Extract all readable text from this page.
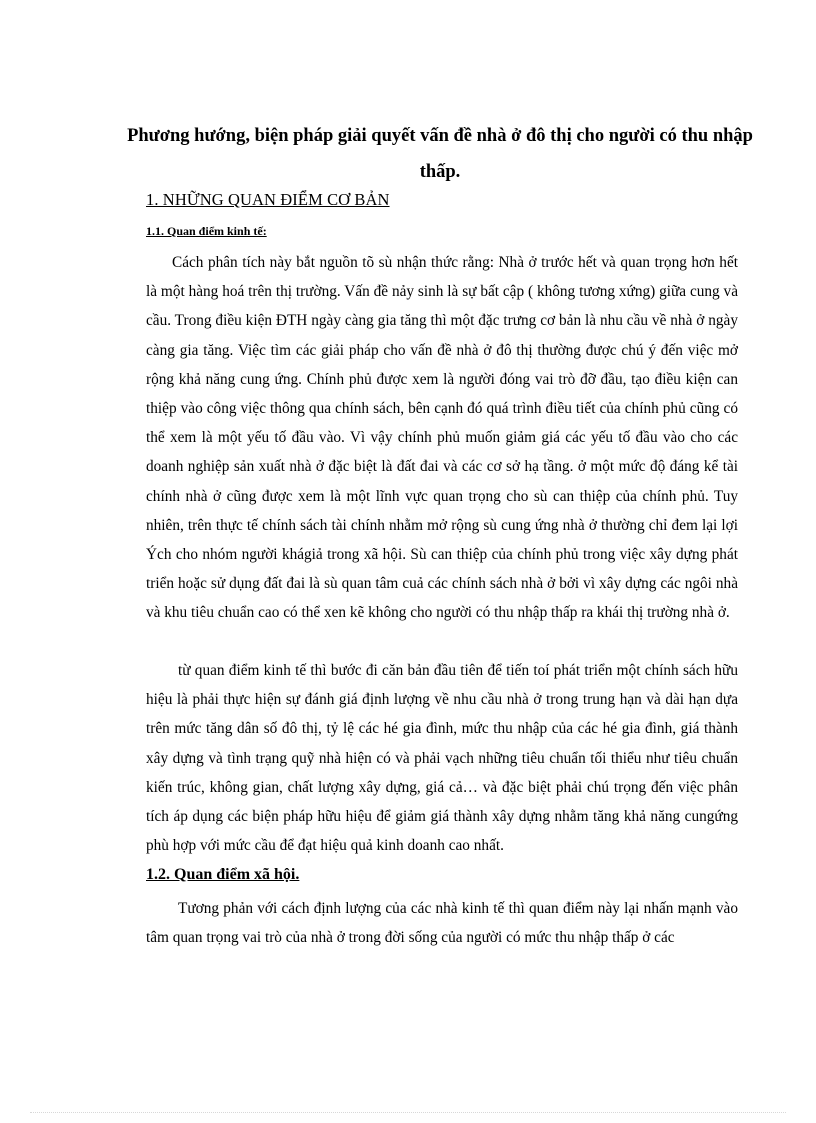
Phương hướng, biện pháp giải quyết vấn đề nhà ở đô thị cho người có thu nhập thấp.
1. NHỮNG QUAN ĐIỂM CƠ BẢN
1.1. Quan điểm kinh tế:

Cách phân tích này bắt nguồn tõ sù nhận thức rằng: Nhà ở trước hết và quan trọng hơn hết là một hàng hoá trên thị trường. Vấn đề nảy sinh là sự bất cập ( không tương xứng) giữa cung và cầu. Trong điều kiện ĐTH ngày càng gia tăng thì một đặc trưng cơ bản là nhu cầu về nhà ở ngày càng gia tăng. Việc tìm các giải pháp cho vấn đề nhà ở đô thị thường được chú ý đến việc mở rộng khả năng cung ứng. Chính phủ được xem là người đóng vai trò đỡ đầu, tạo điều kiện can thiệp vào công việc thông qua chính sách, bên cạnh đó quá trình điều tiết của chính phủ cũng có thể xem là một yếu tố đầu vào. Vì vậy chính phủ muốn giảm giá các yếu tố đầu vào cho các doanh nghiệp sản xuất nhà ở đặc biệt là đất đai và các cơ sở hạ tầng. ở một mức độ đáng kể tài chính nhà ở cũng được xem là một lĩnh vực quan trọng cho sù can thiệp của chính phủ. Tuy nhiên, trên thực tế chính sách tài chính nhằm mở rộng sù cung ứng nhà ở thường chỉ đem lại lợi Ých cho nhóm người khágiả trong xã hội. Sù can thiệp của chính phủ trong việc xây dựng phát triển hoặc sử dụng đất đai là sù quan tâm cuả các chính sách nhà ở bởi vì xây dựng các ngôi nhà và khu tiêu chuẩn cao có thể xen kẽ không cho người có thu nhập thấp ra khái thị trường nhà ở.

từ quan điểm kinh tế thì bước đi căn bản đầu tiên để tiến toí phát triển một chính sách hữu hiệu là phải thực hiện sự đánh giá định lượng về nhu cầu nhà ở trong trung hạn và dài hạn dựa trên mức tăng dân số đô thị, tỷ lệ các hé gia đình, mức thu nhập của các hé gia đình, giá thành xây dựng và tình trạng quỹ nhà hiện có và phải vạch những tiêu chuẩn tối thiểu như tiêu chuẩn kiến trúc, không gian, chất lượng xây dựng, giá cả… và đặc biệt phải chú trọng đến việc phân tích áp dụng các biện pháp hữu hiệu để giảm giá thành xây dựng nhằm tăng khả năng cungứng phù hợp với mức cầu để đạt hiệu quả kinh doanh cao nhất.

1.2. Quan điểm xã hội.

Tương phản với cách định lượng của các nhà kinh tế thì quan điểm này lại nhấn mạnh vào tâm quan trọng vai trò của nhà ở trong đời sống của người có mức thu nhập thấp ở các
